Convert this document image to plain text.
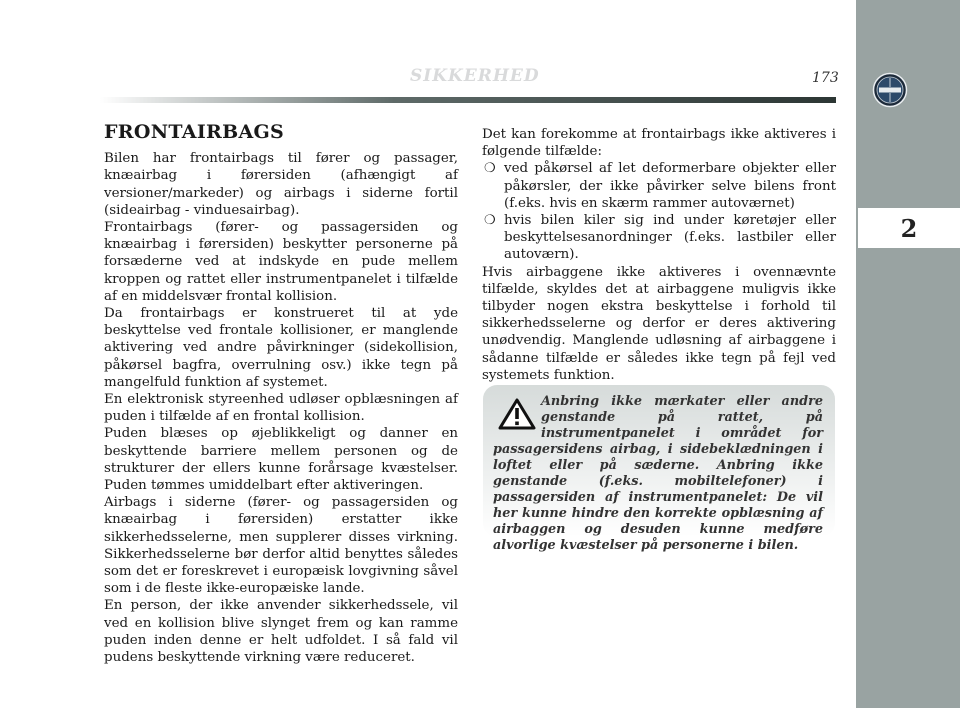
SIKKERHED	173
2
FRONTAIRBAGS

Bilen har frontairbags til fører og passager, knæairbag i førersiden (afhængigt af versioner/markeder) og airbags i siderne fortil (sideairbag - vinduesairbag).

Frontairbags (fører- og passagersiden og knæairbag i førersiden) beskytter personerne på forsæderne ved at indskyde en pude mellem kroppen og rattet eller instrumentpanelet i tilfælde af en middelsvær frontal kollision.

Da frontairbags er konstrueret til at yde beskyttelse ved frontale kollisioner, er manglende aktivering ved andre påvirkninger (sidekollision, påkørsel bagfra, overrulning osv.) ikke tegn på mangelfuld funktion af systemet.

En elektronisk styreenhed udløser opblæsningen af puden i tilfælde af en frontal kollision.

Puden blæses op øjeblikkeligt og danner en beskyttende barriere mellem personen og de strukturer der ellers kunne forårsage kvæstelser. Puden tømmes umiddelbart efter aktiveringen.

Airbags i siderne (fører- og passagersiden og knæairbag i førersiden) erstatter ikke sikkerhedsselerne, men supplerer disses virkning. Sikkerhedsselerne bør derfor altid benyttes således som det er foreskrevet i europæisk lovgivning såvel som i de fleste ikke-europæiske lande.

En person, der ikke anvender sikkerhedssele, vil ved en kollision blive slynget frem og kan ramme puden inden denne er helt udfoldet. I så fald vil pudens beskyttende virkning være reduceret.

Det kan forekomme at frontairbags ikke aktiveres i følgende tilfælde:

❍ ved påkørsel af let deformerbare objekter eller påkørsler, der ikke påvirker selve bilens front (f.eks. hvis en skærm rammer autoværnet)

❍ hvis bilen kiler sig ind under køretøjer eller beskyttelsesanordninger (f.eks. lastbiler eller autoværn).

Hvis airbaggene ikke aktiveres i ovennævnte tilfælde, skyldes det at airbaggene muligvis ikke tilbyder nogen ekstra beskyttelse i forhold til sikkerhedsselerne og derfor er deres aktivering unødvendig. Manglende udløsning af airbaggene i sådanne tilfælde er således ikke tegn på fejl ved systemets funktion.

Anbring ikke mærkater eller andre genstande på rattet, på instrumentpanelet i området for passagersidens airbag, i sidebeklædningen i loftet eller på sæderne. Anbring ikke genstande (f.eks. mobiltelefoner) i passagersiden af instrumentpanelet: De vil her kunne hindre den korrekte opblæsning af airbaggen og desuden kunne medføre alvorlige kvæstelser på personerne i bilen.
